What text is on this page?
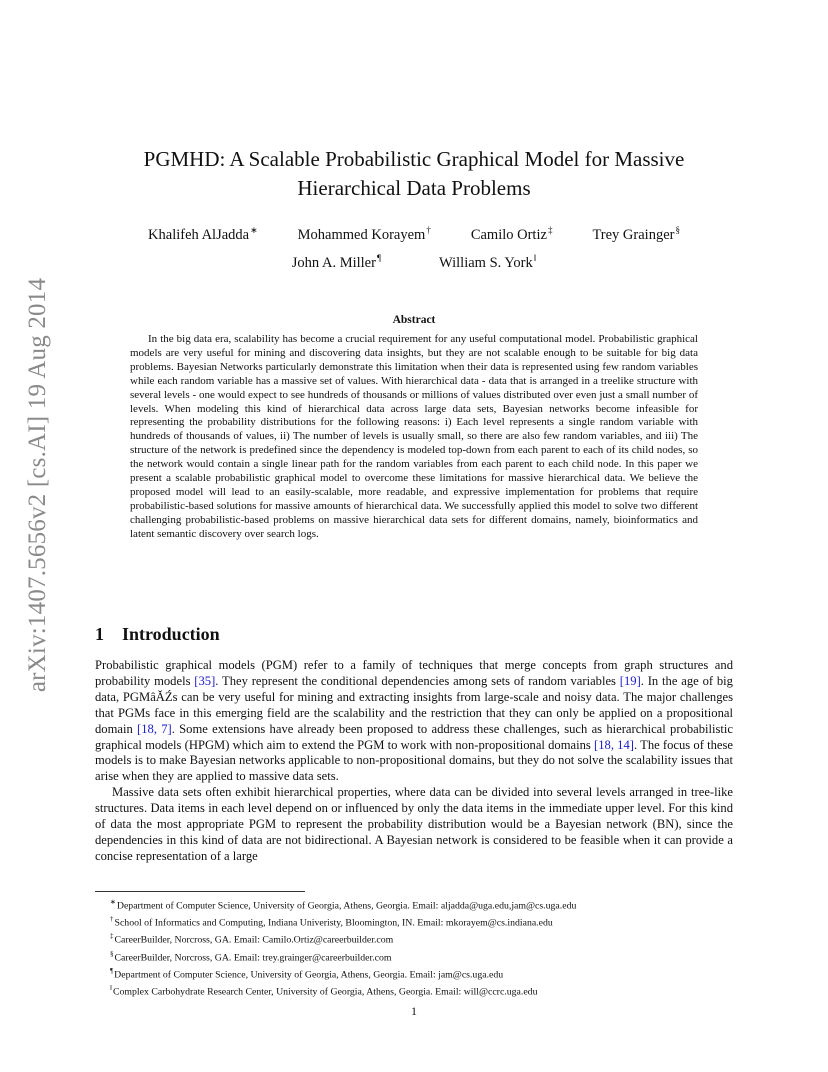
arXiv:1407.5656v2 [cs.AI] 19 Aug 2014
PGMHD: A Scalable Probabilistic Graphical Model for Massive
Hierarchical Data Problems
Khalifeh AlJadda∗	Mohammed Korayem†	Camilo Ortiz‡	Trey Grainger§
John A. Miller¶	William S. York‖
Abstract
In the big data era, scalability has become a crucial requirement for any useful computational model. Probabilistic graphical models are very useful for mining and discovering data insights, but they are not scalable enough to be suitable for big data problems. Bayesian Networks particularly demonstrate this limitation when their data is represented using few random variables while each random variable has a massive set of values. With hierarchical data - data that is arranged in a treelike structure with several levels - one would expect to see hundreds of thousands or millions of values distributed over even just a small number of levels. When modeling this kind of hierarchical data across large data sets, Bayesian networks become infeasible for representing the probability distributions for the following reasons: i) Each level represents a single random variable with hundreds of thousands of values, ii) The number of levels is usually small, so there are also few random variables, and iii) The structure of the network is predefined since the dependency is modeled top-down from each parent to each of its child nodes, so the network would contain a single linear path for the random variables from each parent to each child node. In this paper we present a scalable probabilistic graphical model to overcome these limitations for massive hierarchical data. We believe the proposed model will lead to an easily-scalable, more readable, and expressive implementation for problems that require probabilistic-based solutions for massive amounts of hierarchical data. We successfully applied this model to solve two different challenging probabilistic-based problems on massive hierarchical data sets for different domains, namely, bioinformatics and latent semantic discovery over search logs.
1 Introduction

Probabilistic graphical models (PGM) refer to a family of techniques that merge concepts from graph structures and probability models [35]. They represent the conditional dependencies among sets of random variables [19]. In the age of big data, PGMâĂŹs can be very useful for mining and extracting insights from large-scale and noisy data. The major challenges that PGMs face in this emerging field are the scalability and the restriction that they can only be applied on a propositional domain [18, 7]. Some extensions have already been proposed to address these challenges, such as hierarchical probabilistic graphical models (HPGM) which aim to extend the PGM to work with non-propositional domains [18, 14]. The focus of these models is to make Bayesian networks applicable to non-propositional domains, but they do not solve the scalability issues that arise when they are applied to massive data sets.

Massive data sets often exhibit hierarchical properties, where data can be divided into several levels arranged in tree-like structures. Data items in each level depend on or influenced by only the data items in the immediate upper level. For this kind of data the most appropriate PGM to represent the probability distribution would be a Bayesian network (BN), since the dependencies in this kind of data are not bidirectional. A Bayesian network is considered to be feasible when it can provide a concise representation of a large

∗Department of Computer Science, University of Georgia, Athens, Georgia. Email: aljadda@uga.edu,jam@cs.uga.edu
†School of Informatics and Computing, Indiana Univeristy, Bloomington, IN. Email: mkorayem@cs.indiana.edu
‡CareerBuilder, Norcross, GA. Email: Camilo.Ortiz@careerbuilder.com
§CareerBuilder, Norcross, GA. Email: trey.grainger@careerbuilder.com
¶Department of Computer Science, University of Georgia, Athens, Georgia. Email: jam@cs.uga.edu
‖Complex Carbohydrate Research Center, University of Georgia, Athens, Georgia. Email: will@ccrc.uga.edu
1
